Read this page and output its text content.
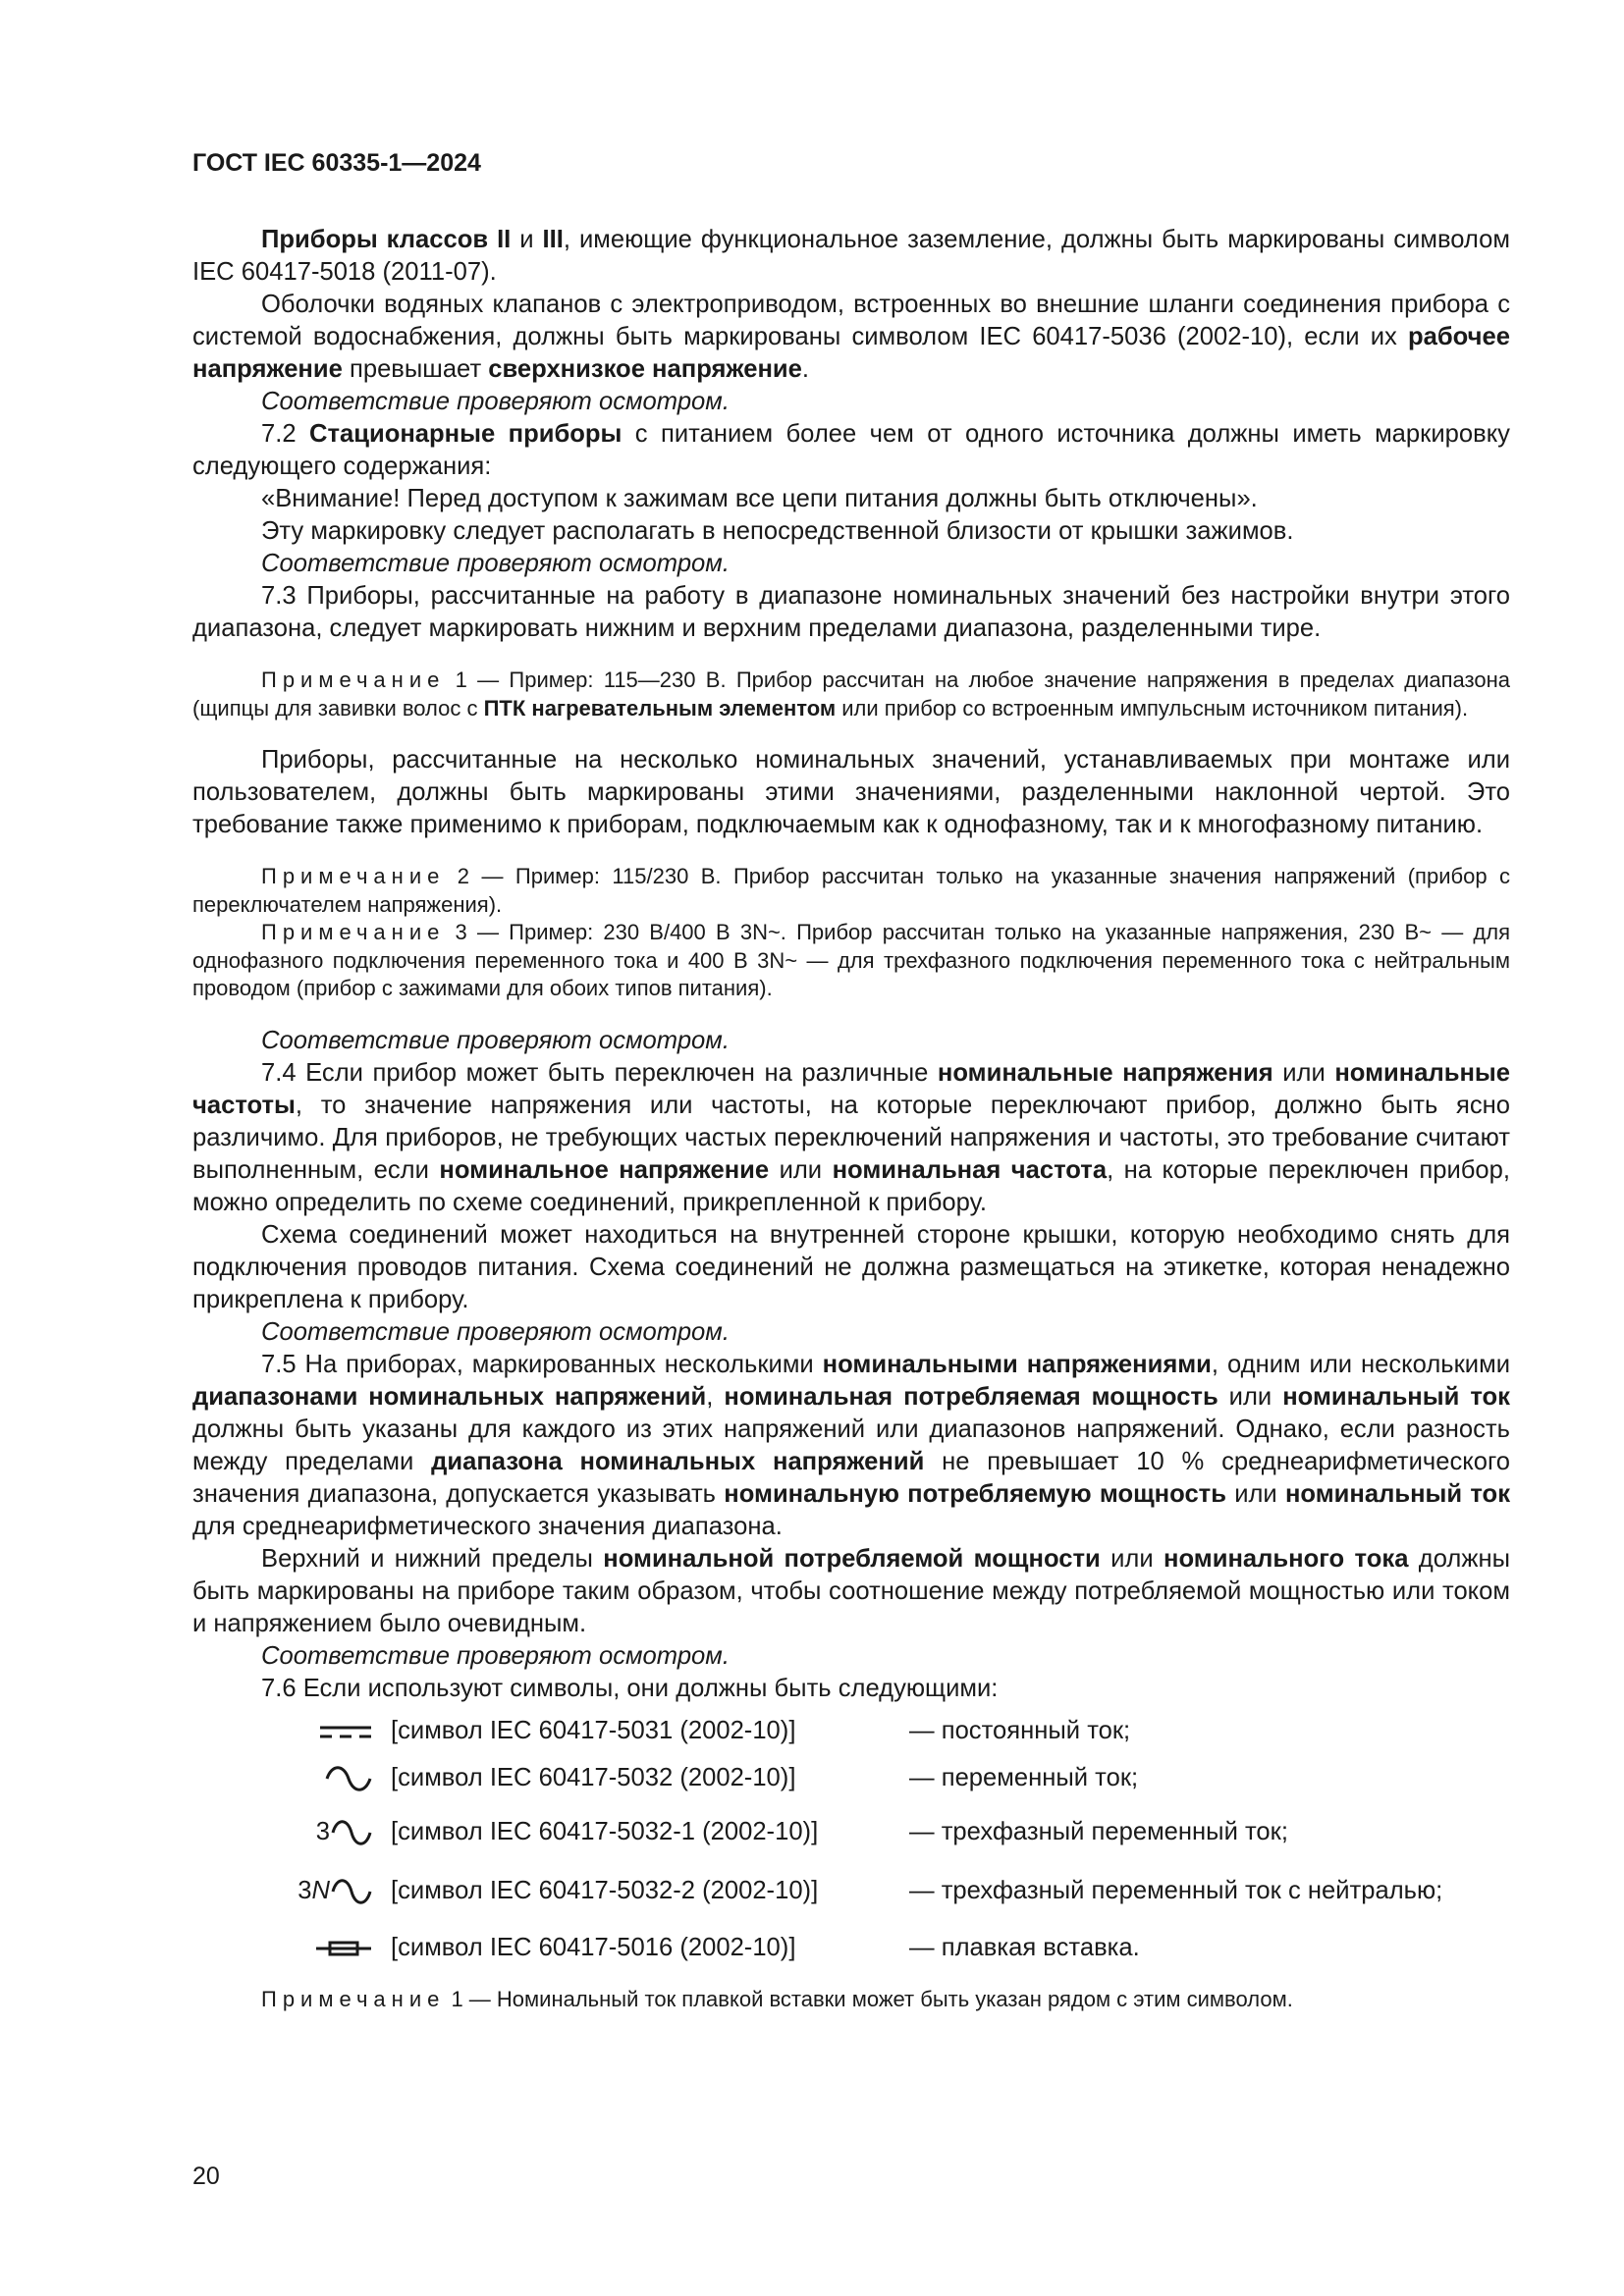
ГОСТ IEC 60335-1—2024

Приборы классов II и III, имеющие функциональное заземление, должны быть маркированы символом IEC 60417-5018 (2011-07).

Оболочки водяных клапанов с электроприводом, встроенных во внешние шланги соединения прибора с системой водоснабжения, должны быть маркированы символом IEC 60417-5036 (2002-10), если их рабочее напряжение превышает сверхнизкое напряжение.

Соответствие проверяют осмотром.

7.2 Стационарные приборы с питанием более чем от одного источника должны иметь маркировку следующего содержания:

«Внимание! Перед доступом к зажимам все цепи питания должны быть отключены».

Эту маркировку следует располагать в непосредственной близости от крышки зажимов.

Соответствие проверяют осмотром.

7.3 Приборы, рассчитанные на работу в диапазоне номинальных значений без настройки внутри этого диапазона, следует маркировать нижним и верхним пределами диапазона, разделенными тире.

Примечание 1 — Пример: 115—230 В. Прибор рассчитан на любое значение напряжения в пределах диапазона (щипцы для завивки волос с ПТК нагревательным элементом или прибор со встроенным импульсным источником питания).

Приборы, рассчитанные на несколько номинальных значений, устанавливаемых при монтаже или пользователем, должны быть маркированы этими значениями, разделенными наклонной чертой. Это требование также применимо к приборам, подключаемым как к однофазному, так и к многофазному питанию.

Примечание 2 — Пример: 115/230 В. Прибор рассчитан только на указанные значения напряжений (прибор с переключателем напряжения).

Примечание 3 — Пример: 230 В/400 В 3N~. Прибор рассчитан только на указанные напряжения, 230 В~ — для однофазного подключения переменного тока и 400 В 3N~ — для трехфазного подключения переменного тока с нейтральным проводом (прибор с зажимами для обоих типов питания).

Соответствие проверяют осмотром.

7.4 Если прибор может быть переключен на различные номинальные напряжения или номинальные частоты, то значение напряжения или частоты, на которые переключают прибор, должно быть ясно различимо. Для приборов, не требующих частых переключений напряжения и частоты, это требование считают выполненным, если номинальное напряжение или номинальная частота, на которые переключен прибор, можно определить по схеме соединений, прикрепленной к прибору.

Схема соединений может находиться на внутренней стороне крышки, которую необходимо снять для подключения проводов питания. Схема соединений не должна размещаться на этикетке, которая ненадежно прикреплена к прибору.

Соответствие проверяют осмотром.

7.5 На приборах, маркированных несколькими номинальными напряжениями, одним или несколькими диапазонами номинальных напряжений, номинальная потребляемая мощность или номинальный ток должны быть указаны для каждого из этих напряжений или диапазонов напряжений. Однако, если разность между пределами диапазона номинальных напряжений не превышает 10 % среднеарифметического значения диапазона, допускается указывать номинальную потребляемую мощность или номинальный ток для среднеарифметического значения диапазона.

Верхний и нижний пределы номинальной потребляемой мощности или номинального тока должны быть маркированы на приборе таким образом, чтобы соотношение между потребляемой мощностью или током и напряжением было очевидным.

Соответствие проверяют осмотром.

7.6 Если используют символы, они должны быть следующими:

[символ IEC 60417-5031 (2002-10)]	— постоянный ток;
[символ IEC 60417-5032 (2002-10)]	— переменный ток;
3 [символ IEC 60417-5032-1 (2002-10)]	— трехфазный переменный ток;
3N [символ IEC 60417-5032-2 (2002-10)]	— трехфазный переменный ток с нейтралью;
[символ IEC 60417-5016 (2002-10)]	— плавкая вставка.

Примечание 1 — Номинальный ток плавкой вставки может быть указан рядом с этим символом.

20
